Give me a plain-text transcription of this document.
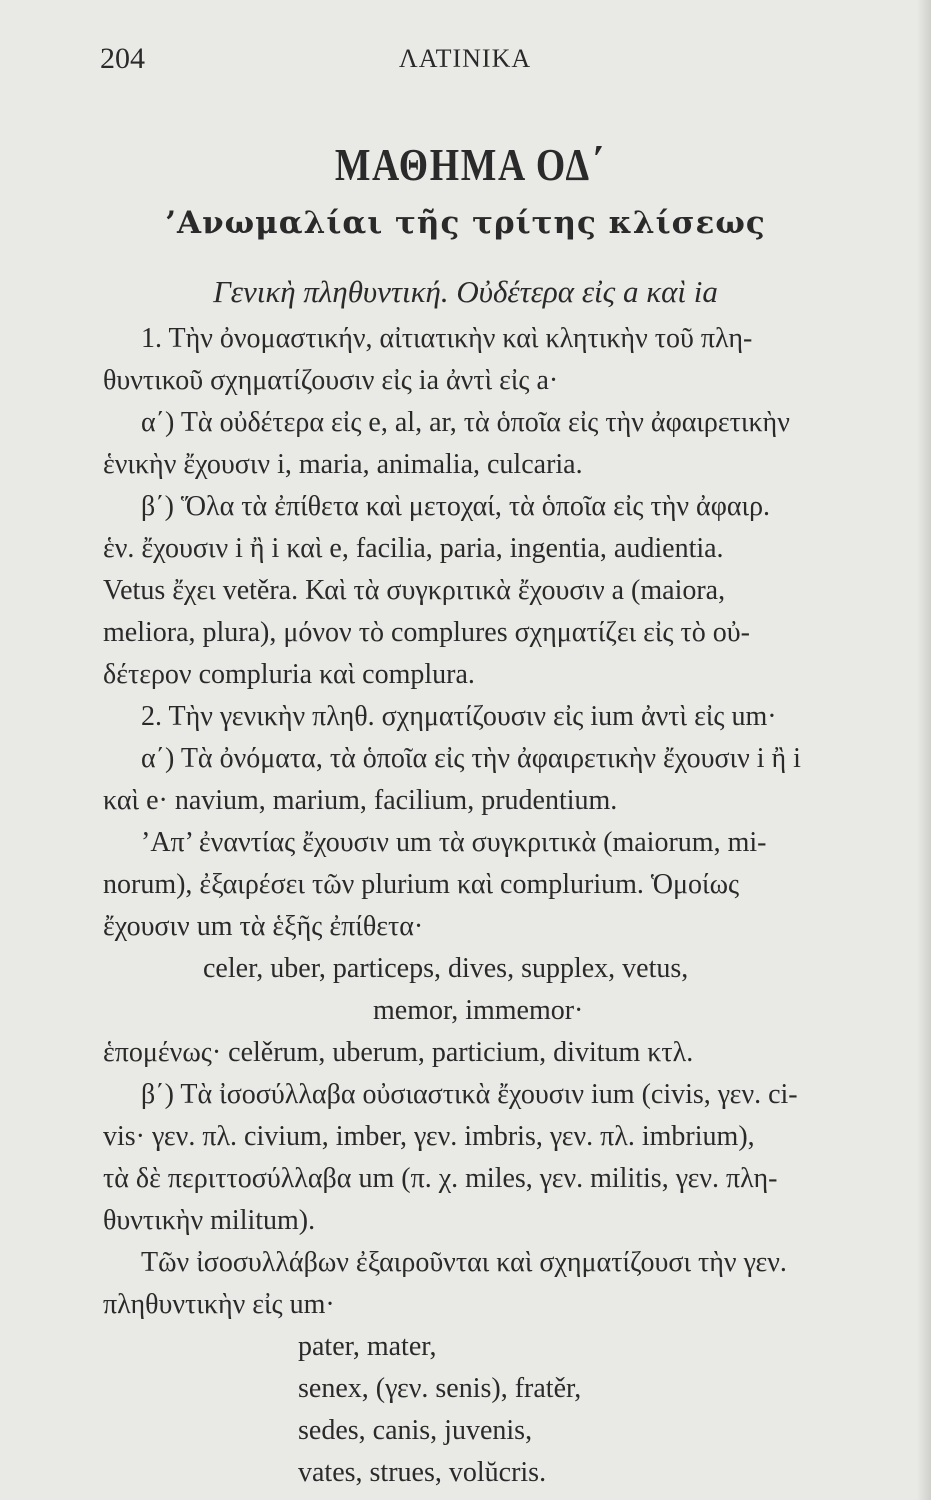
204	ΛΑΤΙΝΙΚΑ
ΜΑΘΗΜΑ ΟΔ΄
’Ανωμαλίαι τῆς τρίτης κλίσεως
Γενικὴ πληθυντική. Οὐδέτερα εἰς a καὶ ia
1. Τὴν ὀνομαστικήν, αἰτιατικὴν καὶ κλητικὴν τοῦ πλη-
θυντικοῦ σχηματίζουσιν εἰς ia ἀντὶ εἰς a·
α΄) Τὰ οὐδέτερα εἰς e, al, ar, τὰ ὁποῖα εἰς τὴν ἀφαιρετικὴν
ἑνικὴν ἔχουσιν i, maria, animalia, culcaria.
β΄) Ὅλα τὰ ἐπίθετα καὶ μετοχαί, τὰ ὁποῖα εἰς τὴν ἀφαιρ.
ἑν. ἔχουσιν i ἢ i καὶ e, facilia, paria, ingentia, audientia.
Vetus ἔχει vetěra. Καὶ τὰ συγκριτικὰ ἔχουσιν a (maiora,
meliora, plura), μόνον τὸ complures σχηματίζει εἰς τὸ οὐ-
δέτερον compluria καὶ complura.
2. Τὴν γενικὴν πληθ. σχηματίζουσιν εἰς ium ἀντὶ εἰς um·
α΄) Τὰ ὀνόματα, τὰ ὁποῖα εἰς τὴν ἀφαιρετικὴν ἔχουσιν i ἢ i
καὶ e· navium, marium, facilium, prudentium.
’Απ’ ἐναντίας ἔχουσιν um τὰ συγκριτικὰ (maiorum, mi-
norum), ἐξαιρέσει τῶν plurium καὶ complurium. Ὁμοίως
ἔχουσιν um τὰ ἑξῆς ἐπίθετα·
celer, uber, particeps, dives, supplex, vetus,
memor, immemor·
ἑπομένως· celěrum, uberum, particium, divitum κτλ.
β΄) Τὰ ἰσοσύλλαβα οὐσιαστικὰ ἔχουσιν ium (civis, γεν. ci-
vis· γεν. πλ. civium, imber, γεν. imbris, γεν. πλ. imbrium),
τὰ δὲ περιττοσύλλαβα um (π. χ. miles, γεν. militis, γεν. πλη-
θυντικὴν militum).
Τῶν ἰσοσυλλάβων ἐξαιροῦνται καὶ σχηματίζουσι τὴν γεν.
πληθυντικὴν εἰς um·
pater, mater,
senex, (γεν. senis), fratěr,
sedes, canis, juvenis,
vates, strues, volŭcris.
